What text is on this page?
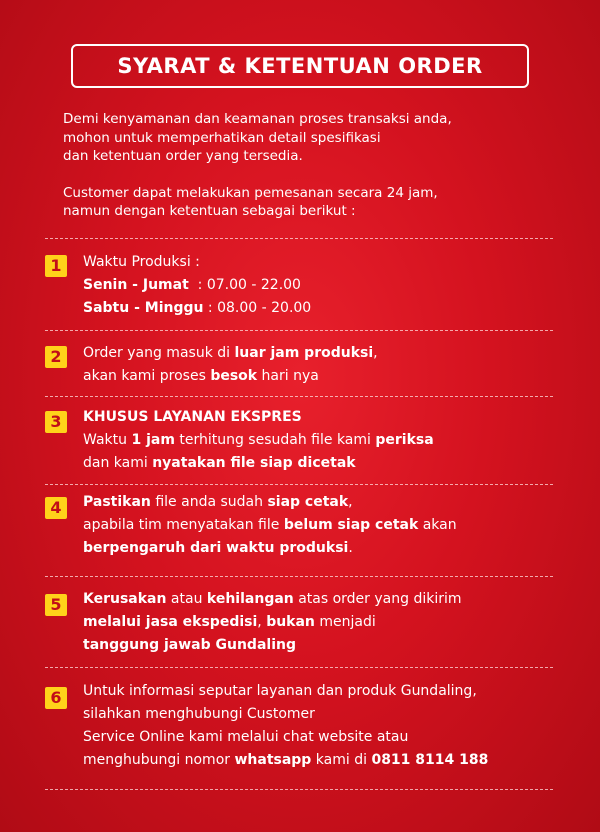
SYARAT & KETENTUAN ORDER

Demi kenyamanan dan keamanan proses transaksi anda,
mohon untuk memperhatikan detail spesifikasi
dan ketentuan order yang tersedia.

Customer dapat melakukan pemesanan secara 24 jam,
namun dengan ketentuan sebagai berikut :

1	Waktu Produksi :
Senin - Jumat  : 07.00 - 22.00
Sabtu - Minggu : 08.00 - 20.00
2	Order yang masuk di luar jam produksi,
akan kami proses besok hari nya
3	KHUSUS LAYANAN EKSPRES
Waktu 1 jam terhitung sesudah file kami periksa
dan kami nyatakan file siap dicetak
4	Pastikan file anda sudah siap cetak,
apabila tim menyatakan file belum siap cetak akan
berpengaruh dari waktu produksi.
5	Kerusakan atau kehilangan atas order yang dikirim
melalui jasa ekspedisi, bukan menjadi
tanggung jawab Gundaling
6	Untuk informasi seputar layanan dan produk Gundaling,
silahkan menghubungi Customer
Service Online kami melalui chat website atau
menghubungi nomor whatsapp kami di 0811 8114 188
